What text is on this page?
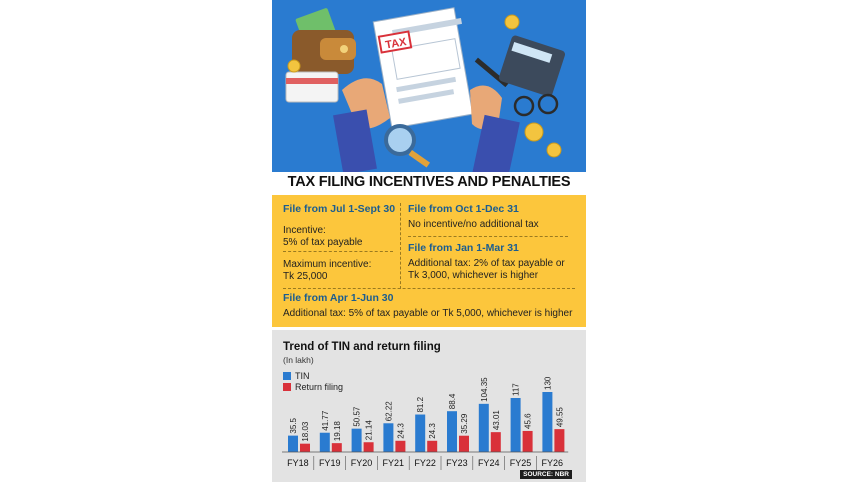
TAX
TAX FILING INCENTIVES AND PENALTIES
File from Jul 1-Sept 30
Incentive:
5% of tax payable
Maximum incentive:
Tk 25,000
File from Oct 1-Dec 31
No incentive/no additional tax
File from Jan 1-Mar 31
Additional tax: 2% of tax payable or
Tk 3,000, whichever is higher
File from Apr 1-Jun 30
Additional tax: 5% of tax payable or Tk 5,000, whichever is higher
Trend of TIN and return filing
(In lakh)
TIN
Return filing
FY18
35.5 18.03
FY19
41.77
19.18
FY20
50.57
21.14
FY21
62.22
24.3
FY22
81.2
24.3
FY23
88.4
35.29
FY24
104.35
43.01
FY25
117
45.6
FY26
130
49.55
SOURCE: NBR
